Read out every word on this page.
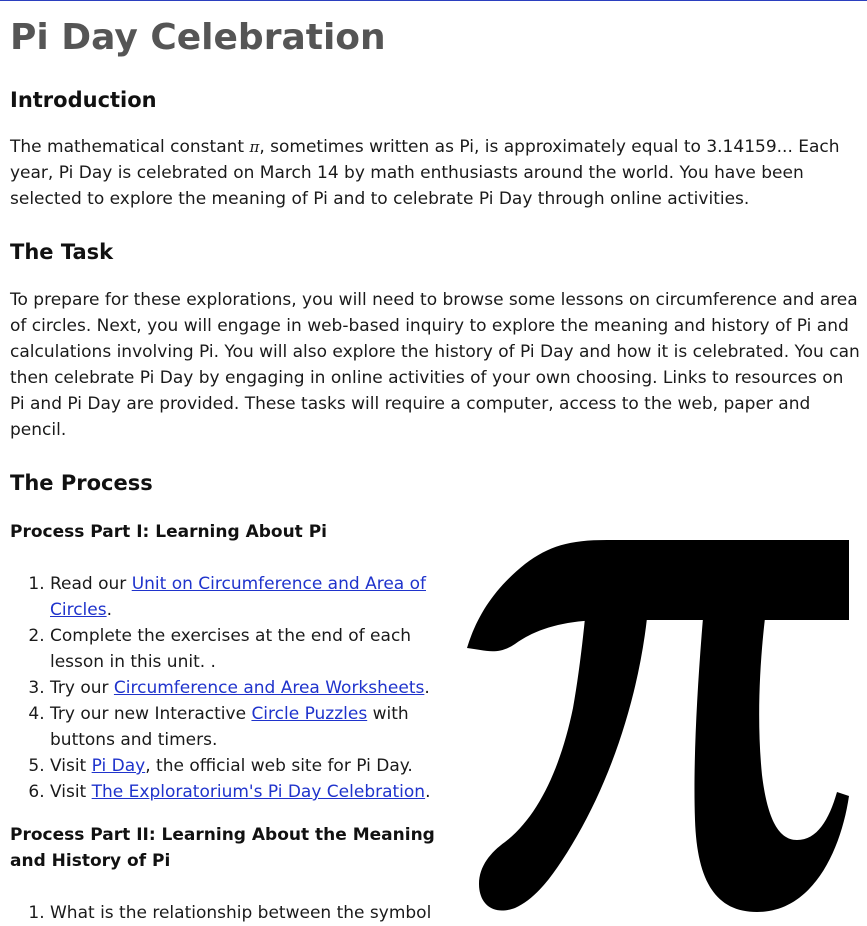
Pi Day Celebration
Introduction

The mathematical constant π, sometimes written as Pi, is approximately equal to 3.14159... Each year, Pi Day is celebrated on March 14 by math enthusiasts around the world. You have been selected to explore the meaning of Pi and to celebrate Pi Day through online activities.

The Task

To prepare for these explorations, you will need to browse some lessons on circumference and area of circles. Next, you will engage in web-based inquiry to explore the meaning and history of Pi and calculations involving Pi. You will also explore the history of Pi Day and how it is celebrated. You can then celebrate Pi Day by engaging in online activities of your own choosing. Links to resources on Pi and Pi Day are provided. These tasks will require a computer, access to the web, paper and pencil.

The Process
Process Part I: Learning About Pi
1. Read our Unit on Circumference and Area of Circles.
2. Complete the exercises at the end of each lesson in this unit. .
3. Try our Circumference and Area Worksheets.
4. Try our new Interactive Circle Puzzles with buttons and timers.
5. Visit Pi Day, the official web site for Pi Day.
6. Visit The Exploratorium's Pi Day Celebration.
Process Part II: Learning About the Meaning and History of Pi
1. What is the relationship between the symbol
